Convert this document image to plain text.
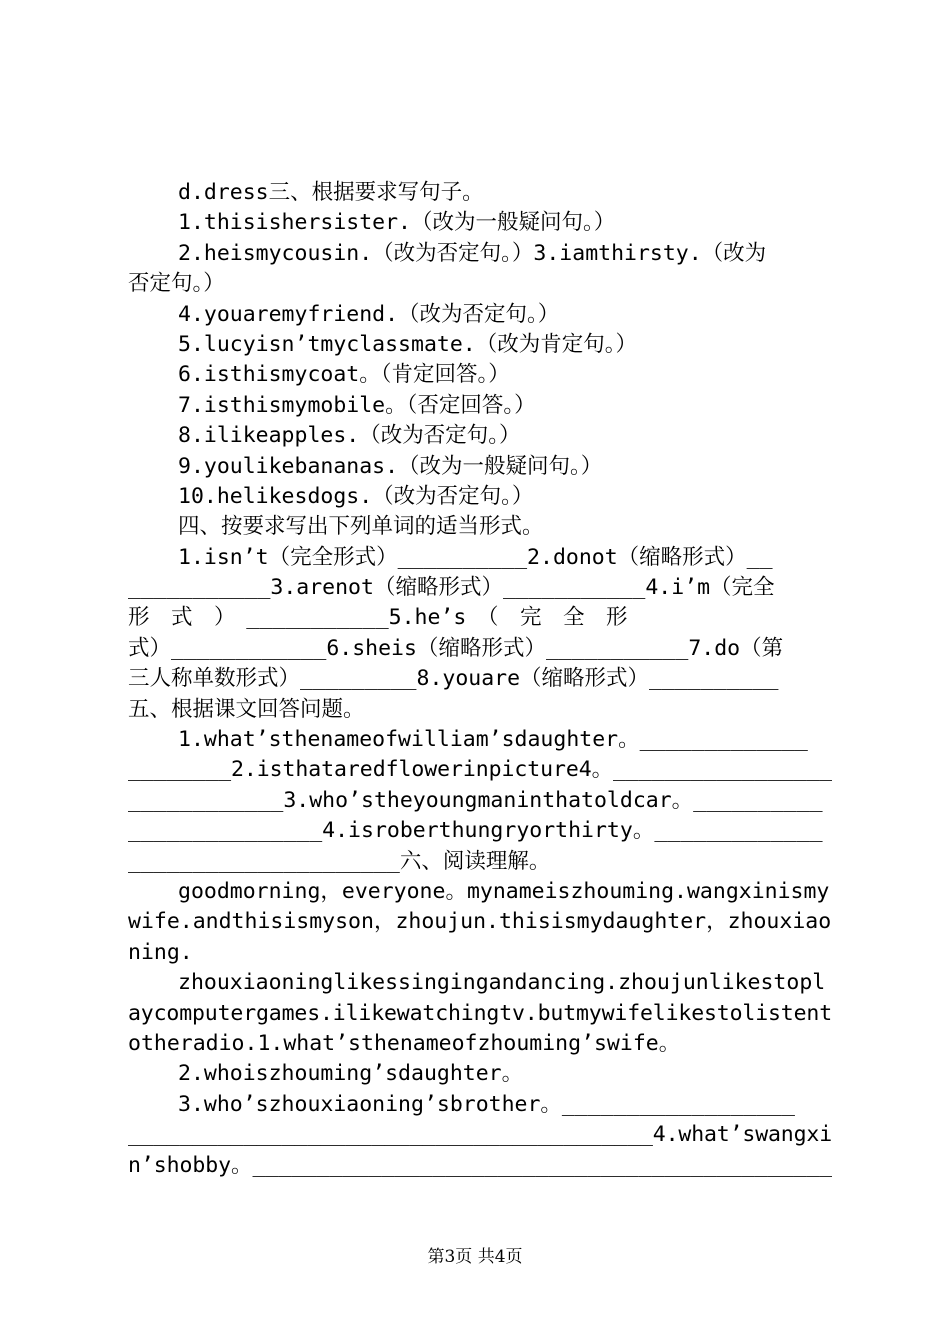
d.dress三、根据要求写句子。
1.thisishersister.（改为一般疑问句。）
2.heismycousin.（改为否定句。）3.iamthirsty.（改为
否定句。）
4.youaremyfriend.（改为否定句。）
5.lucyisn’tmyclassmate.（改为肯定句。）
6.isthismycoat。（肯定回答。）
7.isthismymobile。（否定回答。）
8.ilikeapples.（改为否定句。）
9.youlikebananas.（改为一般疑问句。）
10.helikesdogs.（改为否定句。）
四、按要求写出下列单词的适当形式。
1.isn’t（完全形式）__________2.donot（缩略形式）__
___________3.arenot（缩略形式）___________4.i’m（完全
形　式　）　___________5.he’s　（　完　全　形
式）____________6.sheis（缩略形式）___________7.do（第
三人称单数形式）_________8.youare（缩略形式）__________
五、根据课文回答问题。
1.what’sthenameofwilliam’sdaughter。_____________
________2.isthataredflowerinpicture4。_________________
____________3.who’stheyoungmaninthatoldcar。__________
_______________4.isroberthungryorthirty。_____________
_____________________六、阅读理解。
goodmorning，everyone。mynameiszhouming.wangxinismy
wife.andthisismyson，zhoujun.thisismydaughter，zhouxiao
ning.
zhouxiaoninglikessingingandancing.zhoujunlikestopl
aycomputergames.ilikewatchingtv.butmywifelikestolistent
otheradio.1.what’sthenameofzhouming’swife。
2.whoiszhouming’sdaughter。
3.who’szhouxiaoning’sbrother。__________________
_________________________________________4.what’swangxi
n’shobby。_____________________________________________
第3页 共4页
